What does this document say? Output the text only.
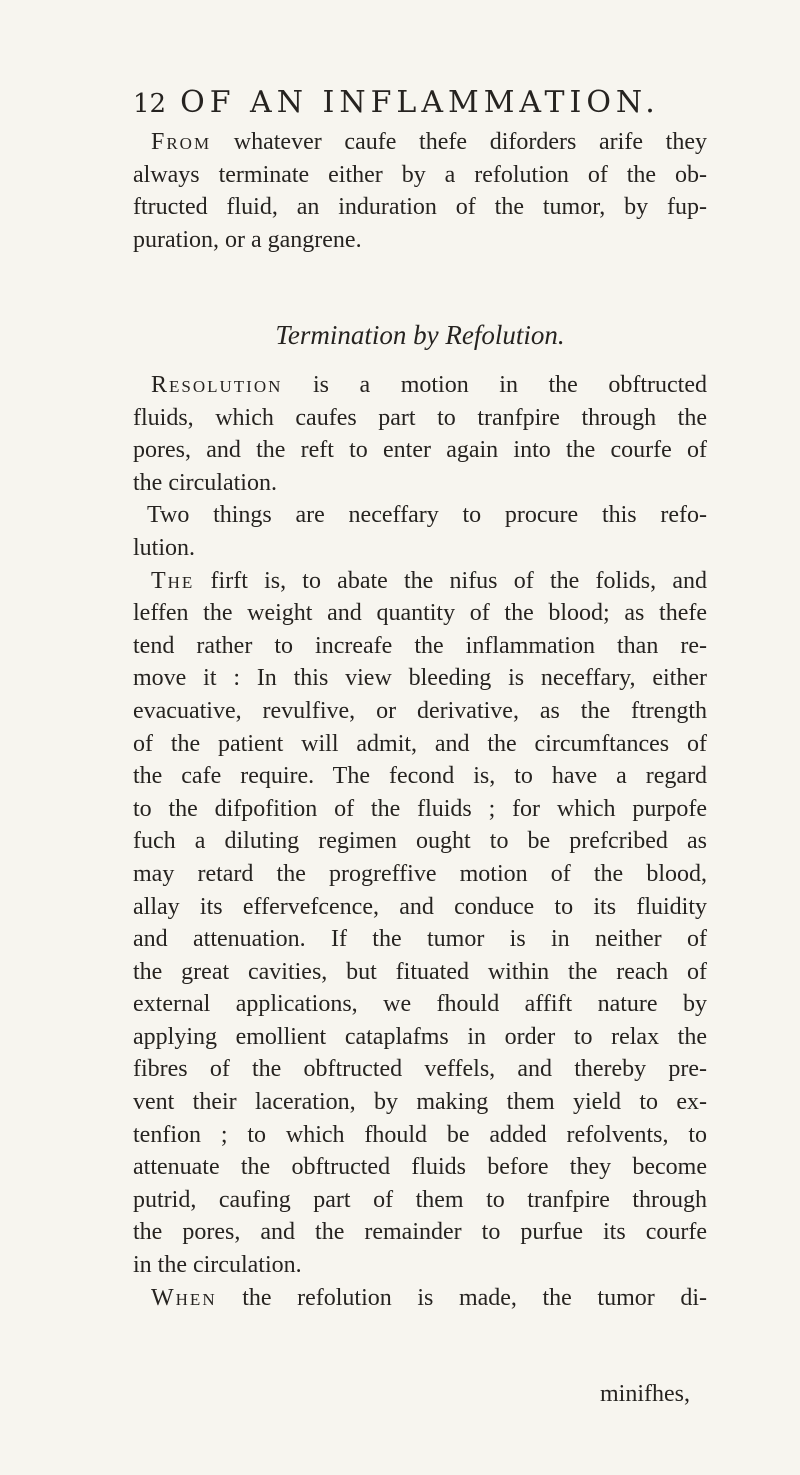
12 OF AN INFLAMMATION.
From whatever caufe thefe diforders arife they
always terminate either by a refolution of the ob-
ftructed fluid, an induration of the tumor, by fup-
puration, or a gangrene.
Termination by Refolution.
Resolution is a motion in the obftructed
fluids, which caufes part to tranfpire through the
pores, and the reft to enter again into the courfe of
the circulation.
Two things are neceffary to procure this refo-
lution.
The firft is, to abate the nifus of the folids, and
leffen the weight and quantity of the blood; as thefe
tend rather to increafe the inflammation than re-
move it : In this view bleeding is neceffary, either
evacuative, revulfive, or derivative, as the ftrength
of the patient will admit, and the circumftances of
the cafe require. The fecond is, to have a regard
to the difpofition of the fluids ; for which purpofe
fuch a diluting regimen ought to be prefcribed as
may retard the progreffive motion of the blood,
allay its effervefcence, and conduce to its fluidity
and attenuation. If the tumor is in neither of
the great cavities, but fituated within the reach of
external applications, we fhould affift nature by
applying emollient cataplafms in order to relax the
fibres of the obftructed veffels, and thereby pre-
vent their laceration, by making them yield to ex-
tenfion ; to which fhould be added refolvents, to
attenuate the obftructed fluids before they become
putrid, caufing part of them to tranfpire through
the pores, and the remainder to purfue its courfe
in the circulation.
When the refolution is made, the tumor di-
minifhes,
